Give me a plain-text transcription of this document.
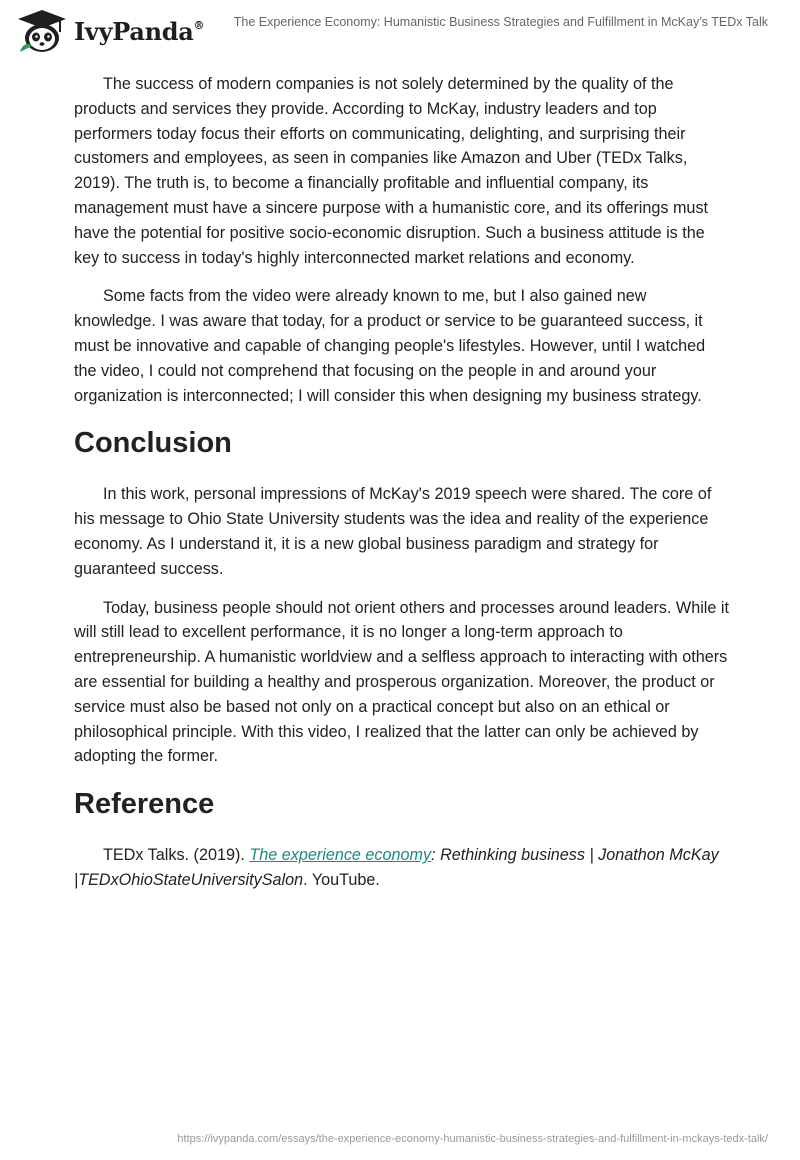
IvyPanda®	The Experience Economy: Humanistic Business Strategies and Fulfillment in McKay’s TEDx Talk

The success of modern companies is not solely determined by the quality of the products and services they provide. According to McKay, industry leaders and top performers today focus their efforts on communicating, delighting, and surprising their customers and employees, as seen in companies like Amazon and Uber (TEDx Talks, 2019). The truth is, to become a financially profitable and influential company, its management must have a sincere purpose with a humanistic core, and its offerings must have the potential for positive socio-economic disruption. Such a business attitude is the key to success in today's highly interconnected market relations and economy.

Some facts from the video were already known to me, but I also gained new knowledge. I was aware that today, for a product or service to be guaranteed success, it must be innovative and capable of changing people's lifestyles. However, until I watched the video, I could not comprehend that focusing on the people in and around your organization is interconnected; I will consider this when designing my business strategy.

Conclusion

In this work, personal impressions of McKay's 2019 speech were shared. The core of his message to Ohio State University students was the idea and reality of the experience economy. As I understand it, it is a new global business paradigm and strategy for guaranteed success.

Today, business people should not orient others and processes around leaders. While it will still lead to excellent performance, it is no longer a long-term approach to entrepreneurship. A humanistic worldview and a selfless approach to interacting with others are essential for building a healthy and prosperous organization. Moreover, the product or service must also be based not only on a practical concept but also on an ethical or philosophical principle. With this video, I realized that the latter can only be achieved by adopting the former.

Reference

TEDx Talks. (2019). The experience economy: Rethinking business | Jonathon McKay |TEDxOhioStateUniversitySalon. YouTube.

https://ivypanda.com/essays/the-experience-economy-humanistic-business-strategies-and-fulfillment-in-mckays-tedx-talk/
